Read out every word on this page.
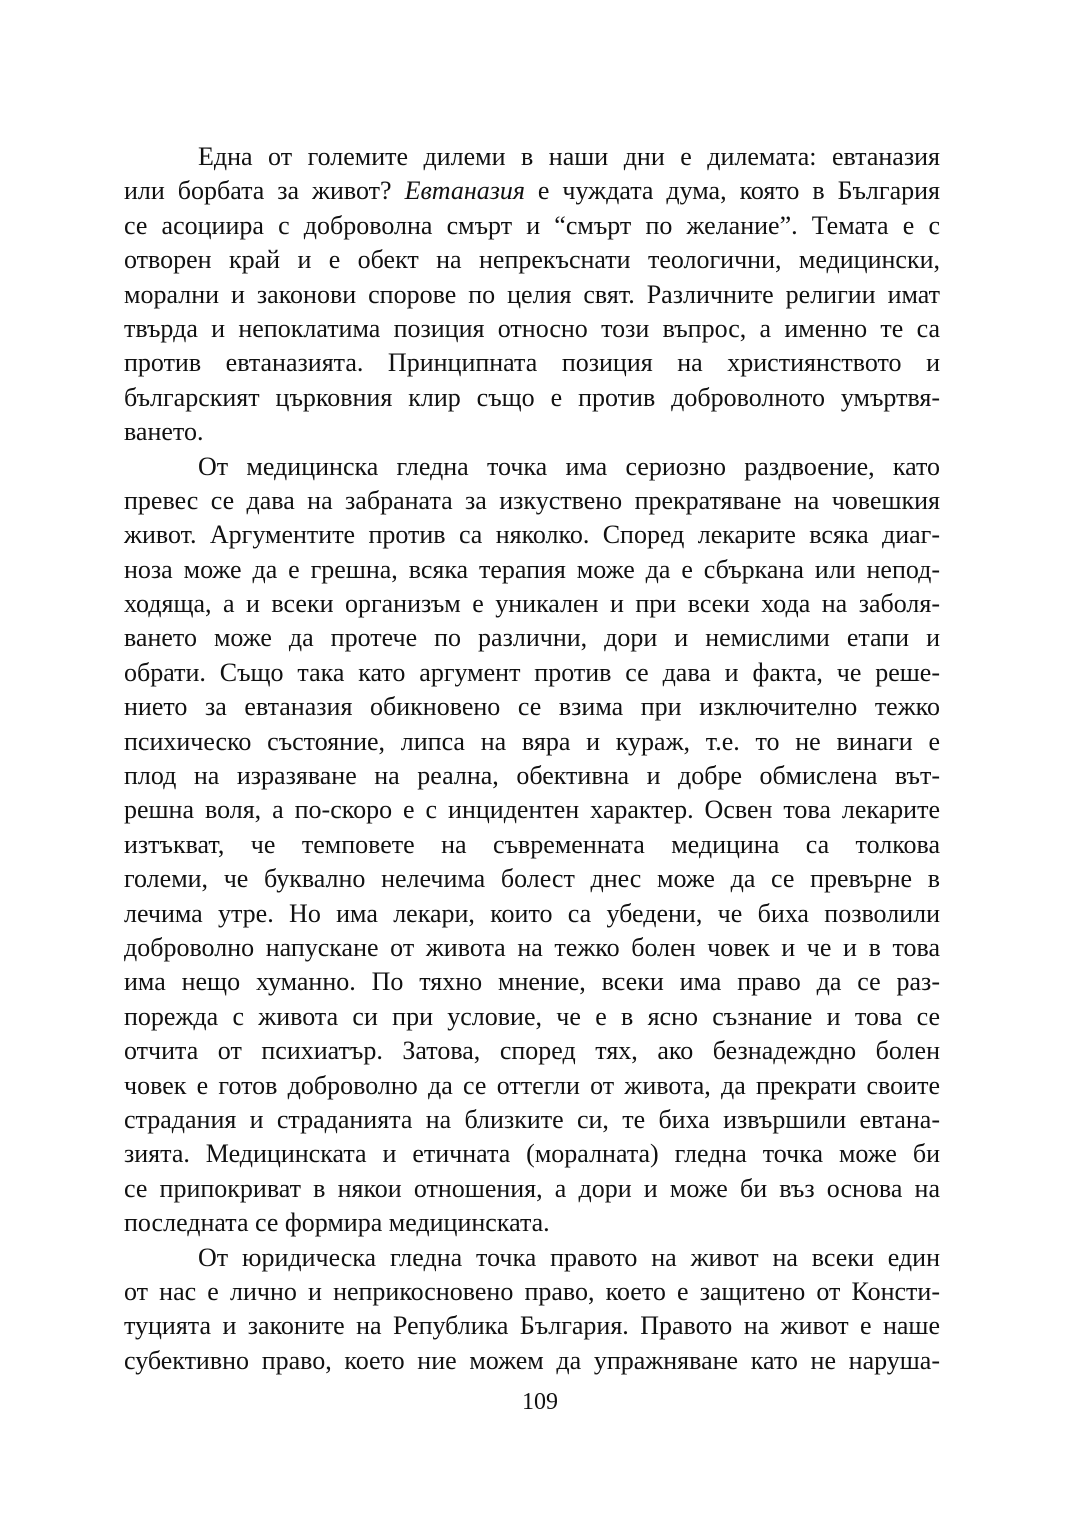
Една от големите дилеми в наши дни е дилемата: евтаназия
или борбата за живот? Евтаназия е чуждата дума, която в България
се асоциира с доброволна смърт и “смърт по желание”. Темата е с
отворен край и е обект на непрекъснати теологични, медицински,
морални и законови спорове по целия свят. Различните религии имат
твърда и непоклатима позиция относно този въпрос, а именно те са
против евтаназията. Принципната позиция на християнството и
българският църковния клир също е против доброволното умъртвя-
ването.
От медицинска гледна точка има сериозно раздвоение, като
превес се дава на забраната за изкуствено прекратяване на човешкия
живот. Аргументите против са няколко. Според лекарите всяка диаг-
ноза може да е грешна, всяка терапия може да е сбъркана или непод-
ходяща, а и всеки организъм е уникален и при всеки хода на заболя-
ването може да протече по различни, дори и немислими етапи и
обрати. Също така като аргумент против се дава и факта, че реше-
нието за евтаназия обикновено се взима при изключително тежко
психическо състояние, липса на вяра и кураж, т.е. то не винаги е
плод на изразяване на реална, обективна и добре обмислена вът-
решна воля, а по-скоро е с инцидентен характер. Освен това лекарите
изтъкват, че темповете на съвременната медицина са толкова
големи, че буквално нелечима болест днес може да се превърне в
лечима утре. Но има лекари, които са убедени, че биха позволили
доброволно напускане от живота на тежко болен човек и че и в това
има нещо хуманно. По тяхно мнение, всеки има право да се раз-
порежда с живота си при условие, че е в ясно съзнание и това се
отчита от психиатър. Затова, според тях, ако безнадеждно болен
човек е готов доброволно да се оттегли от живота, да прекрати своите
страдания и страданията на близките си, те биха извършили евтана-
зията. Медицинската и етичната (моралната) гледна точка може би
се припокриват в някои отношения, а дори и може би въз основа на
последната се формира медицинската.
От юридическа гледна точка правото на живот на всеки един
от нас е лично и неприкосновено право, което е защитено от Консти-
туцията и законите на Република България. Правото на живот е наше
субективно право, което ние можем да упражняване като не наруша-
109
